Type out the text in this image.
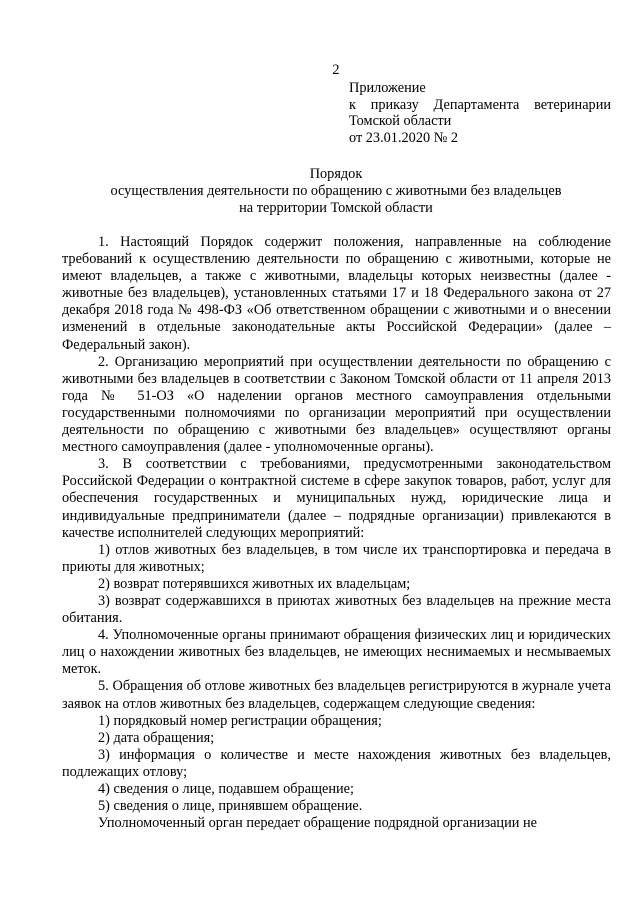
2
Приложение
к приказу Департамента ветеринарии
Томской области
от 23.01.2020 № 2
Порядок
осуществления деятельности по обращению с животными без владельцев
на территории Томской области

1. Настоящий Порядок содержит положения, направленные на соблюдение требований к осуществлению деятельности по обращению с животными, которые не имеют владельцев, а также с животными, владельцы которых неизвестны (далее - животные без владельцев), установленных статьями 17 и 18 Федерального закона от 27 декабря 2018 года № 498-ФЗ «Об ответственном обращении с животными и о внесении изменений в отдельные законодательные акты Российской Федерации» (далее – Федеральный закон).

2. Организацию мероприятий при осуществлении деятельности по обращению с животными без владельцев в соответствии с Законом Томской области от 11 апреля 2013 года № 51-ОЗ «О наделении органов местного самоуправления отдельными государственными полномочиями по организации мероприятий при осуществлении деятельности по обращению с животными без владельцев» осуществляют органы местного самоуправления (далее - уполномоченные органы).

3. В соответствии с требованиями, предусмотренными законодательством Российской Федерации о контрактной системе в сфере закупок товаров, работ, услуг для обеспечения государственных и муниципальных нужд, юридические лица и индивидуальные предприниматели (далее – подрядные организации) привлекаются в качестве исполнителей следующих мероприятий:

1) отлов животных без владельцев, в том числе их транспортировка и передача в приюты для животных;

2) возврат потерявшихся животных их владельцам;

3) возврат содержавшихся в приютах животных без владельцев на прежние места обитания.

4. Уполномоченные органы принимают обращения физических лиц и юридических лиц о нахождении животных без владельцев, не имеющих неснимаемых и несмываемых меток.

5. Обращения об отлове животных без владельцев регистрируются в журнале учета заявок на отлов животных без владельцев, содержащем следующие сведения:

1) порядковый номер регистрации обращения;

2) дата обращения;

3) информация о количестве и месте нахождения животных без владельцев, подлежащих отлову;

4) сведения о лице, подавшем обращение;

5) сведения о лице, принявшем обращение.

Уполномоченный орган передает обращение подрядной организации не
